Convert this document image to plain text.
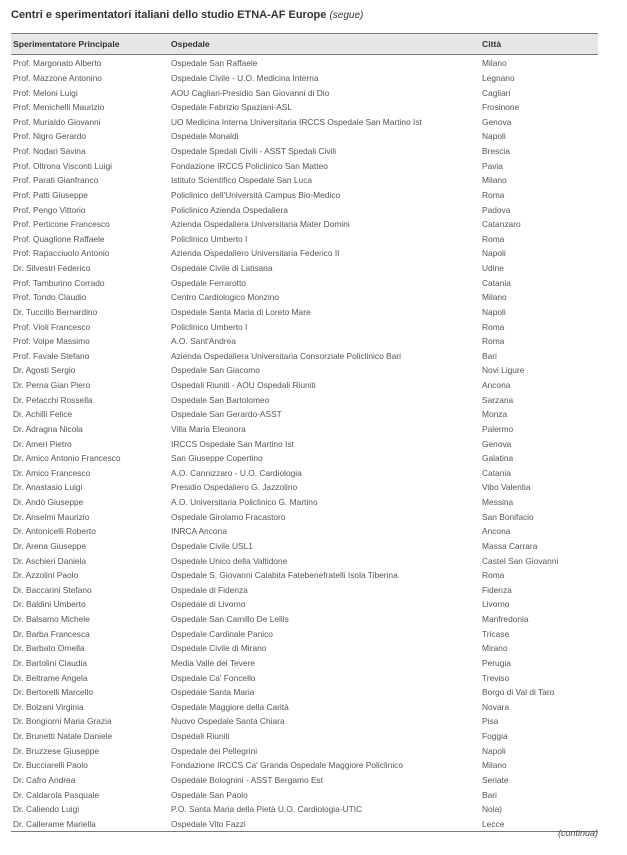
Centri e sperimentatori italiani dello studio ETNA-AF Europe (segue)
Sperimentatore Principale	Ospedale	Città
Prof. Margonato Alberto	Ospedale San Raffaele	Milano
Prof. Mazzone Antonino	Ospedale Civile - U.O. Medicina Interna	Legnano
Prof. Meloni Luigi	AOU Cagliari-Presidio San Giovanni di Dio	Cagliari
Prof. Menichelli Maurizio	Ospedale Fabrizio Spaziani-ASL	Frosinone
Prof. Murialdo Giovanni	UO Medicina Interna Universitaria IRCCS Ospedale San Martino Ist	Genova
Prof. Nigro Gerardo	Ospedale Monaldi	Napoli
Prof. Nodari Savina	Ospedale Spedali Civili - ASST Spedali Civili	Brescia
Prof. Oltrona Visconti Luigi	Fondazione IRCCS Policlinico San Matteo	Pavia
Prof. Parati Gianfranco	Istituto Scientifico Ospedale San Luca	Milano
Prof. Patti Giuseppe	Policlinico dell'Università Campus Bio-Medico	Roma
Prof. Pengo Vittorio	Policlinico Azienda Ospedaliera	Padova
Prof. Perticone Francesco	Azienda Ospedaliera Universitaria Mater Domini	Catanzaro
Prof. Quaglione Raffaele	Policlinico Umberto I	Roma
Prof. Rapacciuolo Antonio	Azienda Ospedaliero Universitaria Federico II	Napoli
Dr. Silvestri Federico	Ospedale Civile di Latisana	Udine
Prof. Tamburino Corrado	Ospedale Ferrarotto	Catania
Prof. Tondo Claudio	Centro Cardiologico Monzino	Milano
Dr. Tuccillo Bernardino	Ospedale Santa Maria di Loreto Mare	Napoli
Prof. Violi Francesco	Policlinico Umberto I	Roma
Prof. Volpe Massimo	A.O. Sant'Andrea	Roma
Prof. Favale Stefano	Azienda Ospedaliera Universitaria Consorziale Policlinico Bari	Bari
Dr. Agosti Sergio	Ospedale San Giacomo	Novi Ligure
Dr. Perna Gian Piero	Ospedali Riuniti - AOU Ospedali Riuniti	Ancona
Dr. Petacchi Rossella	Ospedale San Bartolomeo	Sarzana
Dr. Achilli Felice	Ospedale San Gerardo-ASST	Monza
Dr. Adragna Nicola	Villa Maria Eleonora	Palermo
Dr. Ameri Pietro	IRCCS Ospedale San Martino Ist	Genova
Dr. Amico Antonio Francesco	San Giuseppe Copertino	Galatina
Dr. Amico Francesco	A.O. Cannizzaro - U.O. Cardiologia	Catania
Dr. Anastasio Luigi	Presidio Ospedaliero G. Jazzolino	Vibo Valentia
Dr. Andò Giuseppe	A.O. Universitaria Policlinico G. Martino	Messina
Dr. Anselmi Maurizio	Ospedale Girolamo Fracastoro	San Bonifacio
Dr. Antonicelli Roberto	INRCA Ancona	Ancona
Dr. Arena Giuseppe	Ospedale Civile USL1	Massa Carrara
Dr. Aschieri Daniela	Ospedale Unico della Valtidone	Castel San Giovanni
Dr. Azzolini Paolo	Ospedale S. Giovanni Calabita Fatebenefratelli Isola Tiberina	Roma
Dr. Baccarini Stefano	Ospedale di Fidenza	Fidenza
Dr. Baldini Umberto	Ospedale di Livorno	Livorno
Dr. Balsamo Michele	Ospedale San Camillo De Lellis	Manfredonia
Dr. Barba Francesca	Ospedale Cardinale Panico	Tricase
Dr. Barbato Ornella	Ospedale Civile di Mirano	Mirano
Dr. Bartolini Claudia	Media Valle del Tevere	Perugia
Dr. Beltrame Angela	Ospedale Ca' Foncello	Treviso
Dr. Bertorelli Marcello	Ospedale Santa Maria	Borgo di Val di Taro
Dr. Bolzani Virginia	Ospedale Maggiore della Carità	Novara
Dr. Bongiorni Maria Grazia	Nuovo Ospedale Santa Chiara	Pisa
Dr. Brunetti Natale Daniele	Ospedali Riuniti	Foggia
Dr. Bruzzese Giuseppe	Ospedale dei Pellegrini	Napoli
Dr. Bucciarelli Paolo	Fondazione IRCCS Ca' Granda Ospedale Maggiore Policlinico	Milano
Dr. Cafro Andrea	Ospedale Bolognini - ASST Bergamo Est	Seriate
Dr. Caldarola Pasquale	Ospedale San Paolo	Bari
Dr. Caliendo Luigi	P.O. Santa Maria della Pietà U.O. Cardiologia-UTIC	Nola)
Dr. Callerame Mariella	Ospedale Vito Fazzi	Lecce
(continua)
